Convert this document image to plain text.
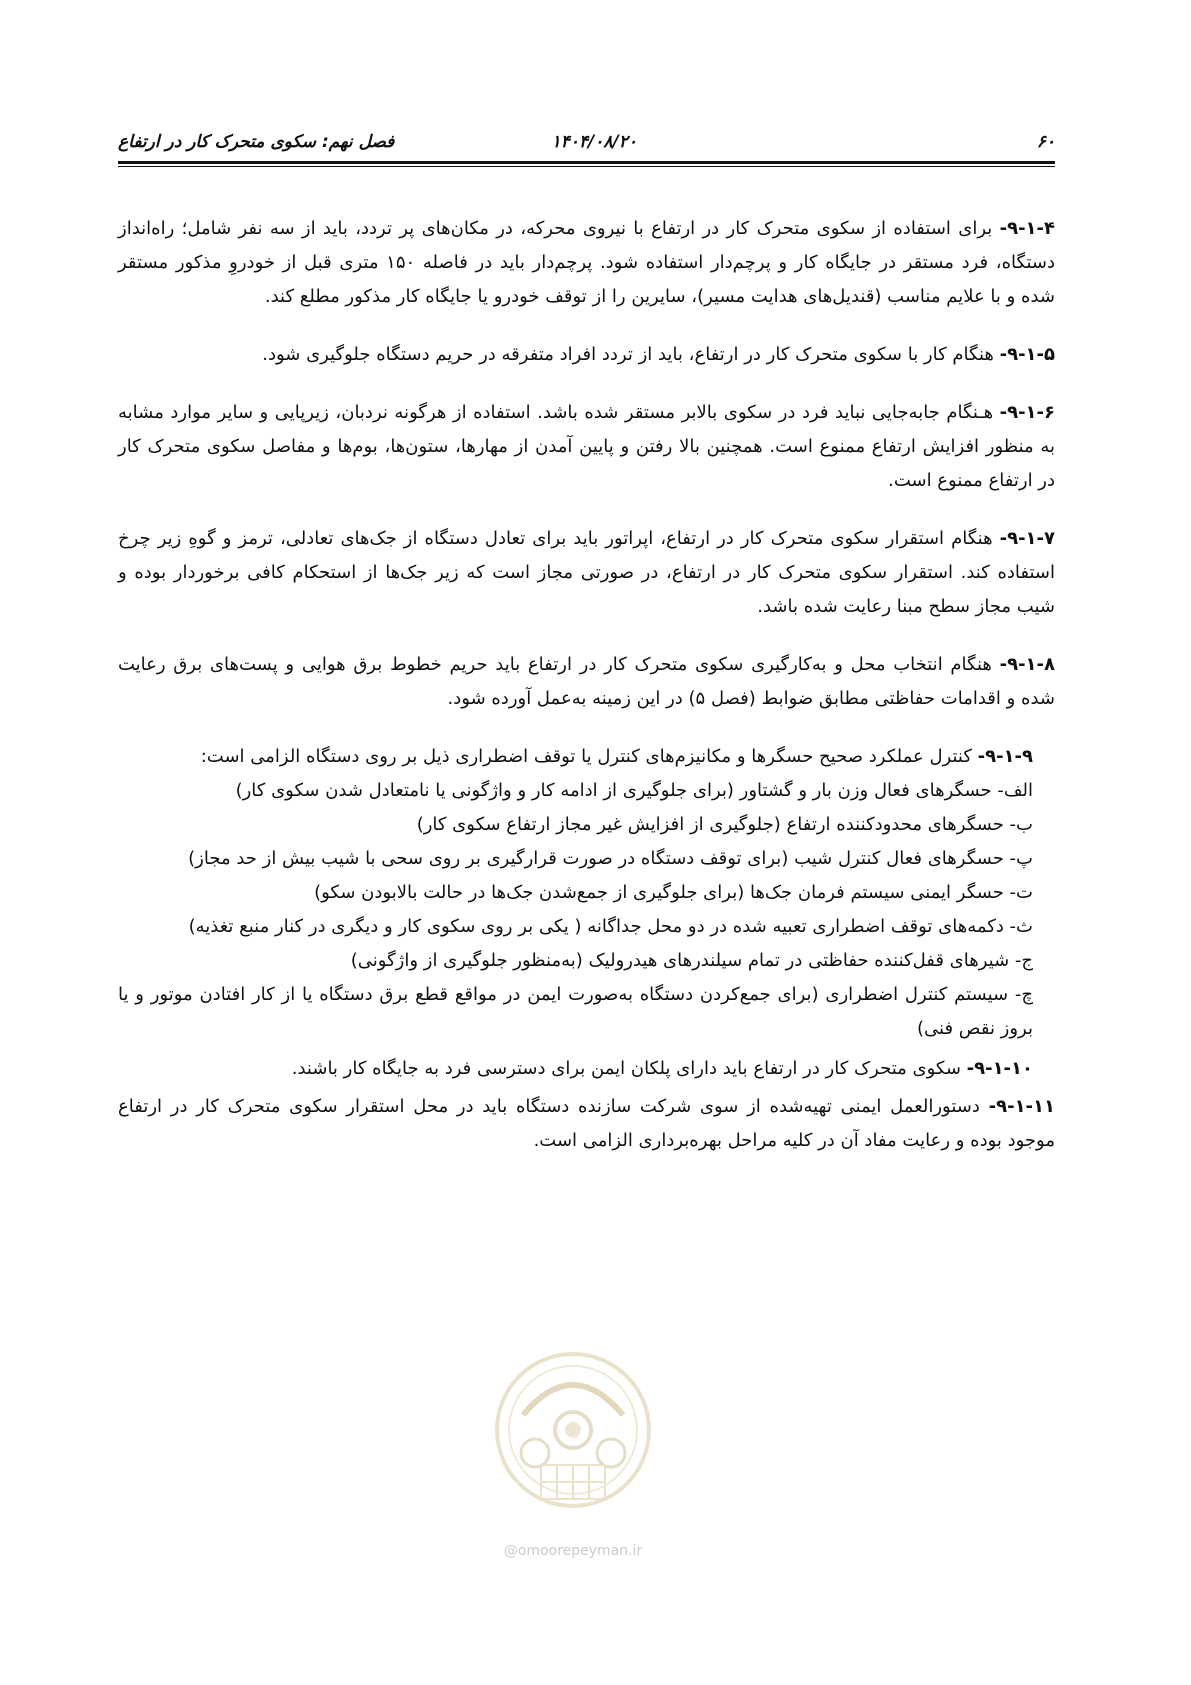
۶۰
۱۴۰۴/۰۸/۲۰
فصل نهم: سکوی متحرک کار در ارتفاع

۹-۱-۴- برای استفاده از سکوی متحرک کار در ارتفاع با نیروی محرکه، در مکان‌های پر تردد، باید از سه نفر شامل؛ راه‌انداز دستگاه، فرد مستقر در جایگاه کار و پرچم‌دار استفاده شود. پرچم‌دار باید در فاصله ۱۵۰ متری قبل از خودروِ مذکور مستقر شده و با علایم مناسب (قندیل‌های هدایت مسیر)، سایرین را از توقف خودرو یا جایگاه کار مذکور مطلع کند.

۹-۱-۵- هنگام کار با سکوی متحرک کار در ارتفاع، باید از تردد افراد متفرقه در حریم دستگاه جلوگیری شود.

۹-۱-۶- هـنگام جابه‌جایی نباید فرد در سکوی بالابر مستقر شده باشد. استفاده از هرگونه نردبان، زیرپایی و سایر موارد مشابه به منظور افزایش ارتفاع ممنوع است. همچنین بالا رفتن و پایین آمدن از مهارها، ستون‌ها، بوم‌ها و مفاصل سکوی متحرک کار در ارتفاع ممنوع است.

۹-۱-۷- هنگام استقرار سکوی متحرک کار در ارتفاع، اپراتور باید برای تعادل دستگاه از جک‌های تعادلی، ترمز و گوهِ زیر چرخ استفاده کند. استقرار سکوی متحرک کار در ارتفاع، در صورتی مجاز است که زیر جک‌ها از استحکام کافی برخوردار بوده و شیب مجاز سطح مبنا رعایت شده باشد.

۹-۱-۸- هنگام انتخاب محل و به‌کارگیری سکوی متحرک کار در ارتفاع باید حریم خطوط برق هوایی و پست‌های برق رعایت شده و اقدامات حفاظتی مطابق ضوابط (فصل ۵) در این زمینه به‌عمل آورده شود.

۹-۱-۹- کنترل عملکرد صحیح حسگرها و مکانیزم‌های کنترل یا توقف اضطراری ذیل بر روی دستگاه الزامی است:

الف- حسگرهای فعال وزن بار و گشتاور (برای جلوگیری از ادامه کار و واژگونی یا نامتعادل شدن سکوی کار)
ب- حسگرهای محدودکننده ارتفاع (جلوگیری از افزایش غیر مجاز ارتفاع سکوی کار)
پ- حسگرهای فعال کنترل شیب (برای توقف دستگاه در صورت قرارگیری بر روی سحی با شیب بیش از حد مجاز)
ت- حسگر ایمنی سیستم فرمان جک‌ها (برای جلوگیری از جمع‌شدن جک‌ها در حالت بالابودن سکو)
ث- دکمه‌های توقف اضطراری تعبیه شده در دو محل جداگانه ( یکی بر روی سکوی کار و دیگری در کنار منبع تغذیه)
ج- شیرهای قفل‌کننده حفاظتی در تمام سیلندرهای هیدرولیک (به‌منظور جلوگیری از واژگونی)
چ- سیستم کنترل اضطراری (برای جمع‌کردن دستگاه به‌صورت ایمن در مواقع قطع برق دستگاه یا از کار افتادن موتور و یا بروز نقص فنی)

۹-۱-۱۰- سکوی متحرک کار در ارتفاع باید دارای پلکان ایمن برای دسترسی فرد به جایگاه کار باشند.

۹-۱-۱۱- دستورالعمل ایمنی تهیه‌شده از سوی شرکت سازنده دستگاه باید در محل استقرار سکوی متحرک کار در ارتفاع موجود بوده و رعایت مفاد آن در کلیه مراحل بهره‌برداری الزامی است.

@omoorepeyman.ir
